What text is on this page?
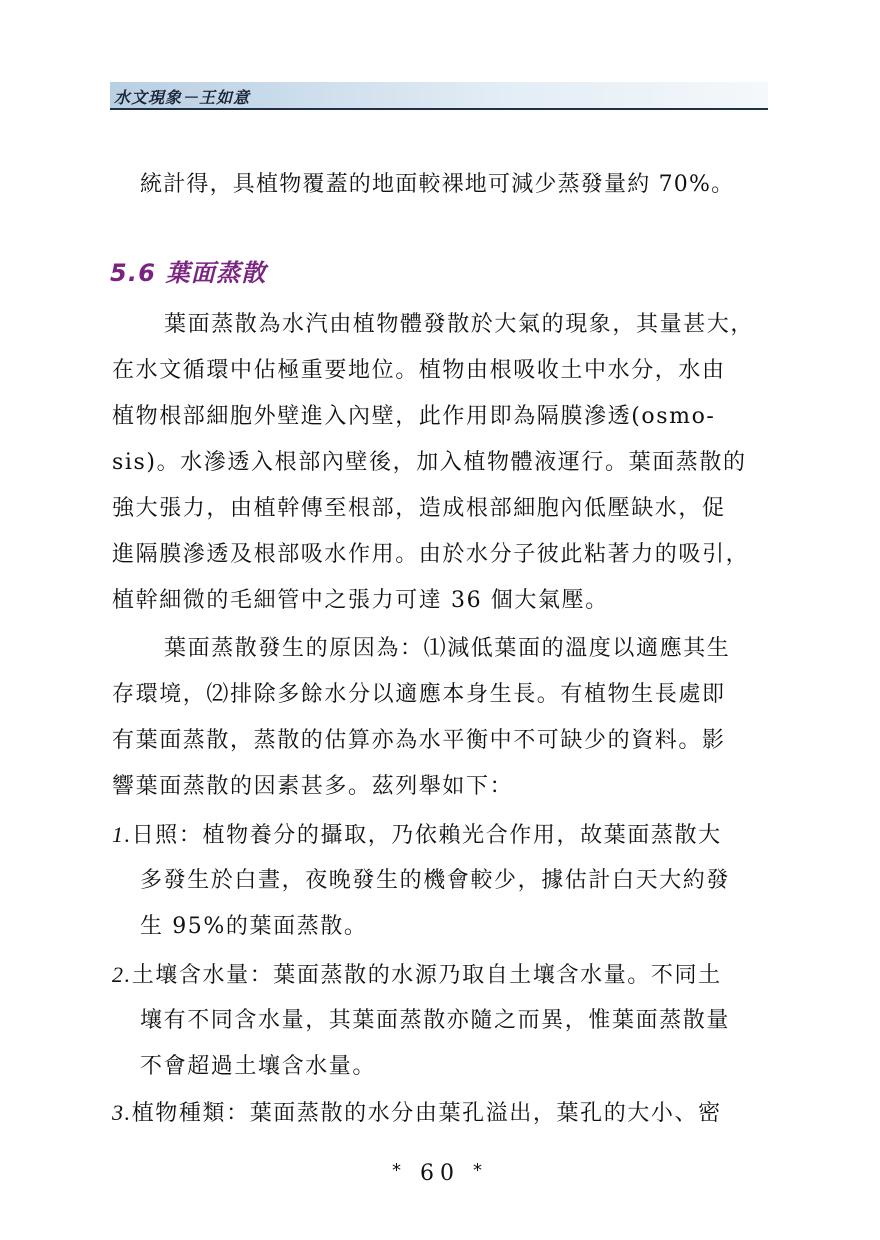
水文現象－王如意
統計得，具植物覆蓋的地面較裸地可減少蒸發量約 70%。
5.6 葉面蒸散
葉面蒸散為水汽由植物體發散於大氣的現象，其量甚大，
在水文循環中佔極重要地位。植物由根吸收土中水分，水由
植物根部細胞外壁進入內壁，此作用即為隔膜滲透(osmo-
sis)。水滲透入根部內壁後，加入植物體液運行。葉面蒸散的
強大張力，由植幹傳至根部，造成根部細胞內低壓缺水，促
進隔膜滲透及根部吸水作用。由於水分子彼此粘著力的吸引，
植幹細微的毛細管中之張力可達 36 個大氣壓。
葉面蒸散發生的原因為：⑴減低葉面的溫度以適應其生
存環境，⑵排除多餘水分以適應本身生長。有植物生長處即
有葉面蒸散，蒸散的估算亦為水平衡中不可缺少的資料。影
響葉面蒸散的因素甚多。茲列舉如下：
1.日照：植物養分的攝取，乃依賴光合作用，故葉面蒸散大
多發生於白晝，夜晚發生的機會較少，據估計白天大約發
生 95%的葉面蒸散。
2.土壤含水量：葉面蒸散的水源乃取自土壤含水量。不同土
壤有不同含水量，其葉面蒸散亦隨之而異，惟葉面蒸散量
不會超過土壤含水量。
3.植物種類：葉面蒸散的水分由葉孔溢出，葉孔的大小、密
* 60 *
